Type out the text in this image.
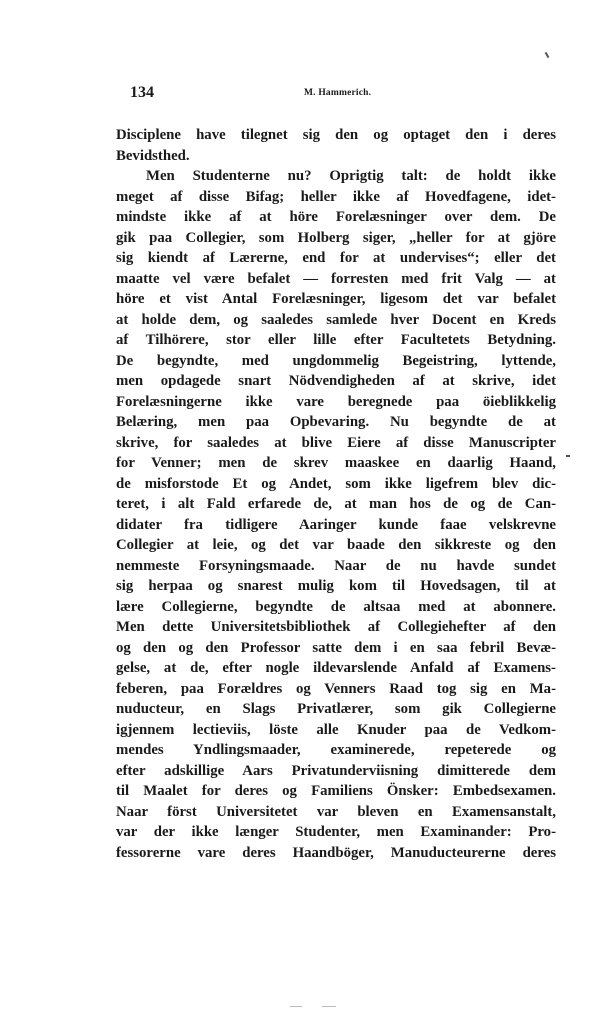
134	M. Hammerich.
Disciplene have tilegnet sig den og optaget den i deres
Bevidsthed.
Men Studenterne nu? Oprigtig talt: de holdt ikke
meget af disse Bifag; heller ikke af Hovedfagene, idet-
mindste ikke af at höre Forelæsninger over dem. De
gik paa Collegier, som Holberg siger, „heller for at gjöre
sig kiendt af Lærerne, end for at undervises“; eller det
maatte vel være befalet — forresten med frit Valg — at
höre et vist Antal Forelæsninger, ligesom det var befalet
at holde dem, og saaledes samlede hver Docent en Kreds
af Tilhörere, stor eller lille efter Facultetets Betydning.
De begyndte, med ungdommelig Begeistring, lyttende,
men opdagede snart Nödvendigheden af at skrive, idet
Forelæsningerne ikke vare beregnede paa öieblikkelig
Belæring, men paa Opbevaring. Nu begyndte de at
skrive, for saaledes at blive Eiere af disse Manuscripter
for Venner; men de skrev maaskee en daarlig Haand,
de misforstode Et og Andet, som ikke ligefrem blev dic-
teret, i alt Fald erfarede de, at man hos de og de Can-
didater fra tidligere Aaringer kunde faae velskrevne
Collegier at leie, og det var baade den sikkreste og den
nemmeste Forsyningsmaade. Naar de nu havde sundet
sig herpaa og snarest mulig kom til Hovedsagen, til at
lære Collegierne, begyndte de altsaa med at abonnere.
Men dette Universitetsbibliothek af Collegiehefter af den
og den og den Professor satte dem i en saa febril Bevæ-
gelse, at de, efter nogle ildevarslende Anfald af Examens-
feberen, paa Forældres og Venners Raad tog sig en Ma-
nuducteur, en Slags Privatlærer, som gik Collegierne
igjennem lectieviis, löste alle Knuder paa de Vedkom-
mendes Yndlingsmaader, examinerede, repeterede og
efter adskillige Aars Privatunderviisning dimitterede dem
til Maalet for deres og Familiens Önsker: Embedsexamen.
Naar först Universitetet var bleven en Examensanstalt,
var der ikke længer Studenter, men Examinander: Pro-
fessorerne vare deres Haandböger, Manuducteurerne deres
